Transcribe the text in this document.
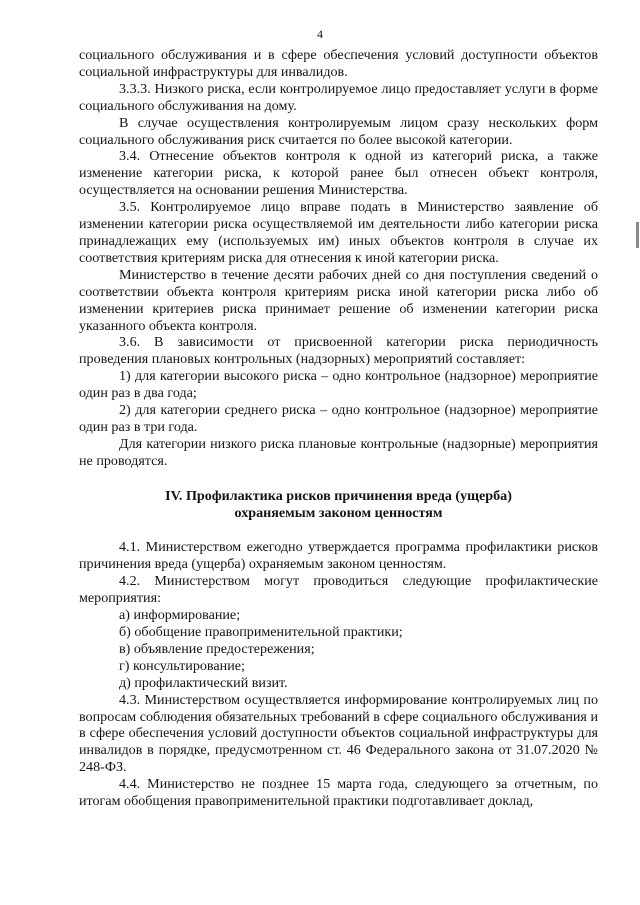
4

социального обслуживания и в сфере обеспечения условий доступности объектов социальной инфраструктуры для инвалидов.

3.3.3. Низкого риска, если контролируемое лицо предоставляет услуги в форме социального обслуживания на дому.

В случае осуществления контролируемым лицом сразу нескольких форм социального обслуживания риск считается по более высокой категории.

3.4. Отнесение объектов контроля к одной из категорий риска, а также изменение категории риска, к которой ранее был отнесен объект контроля, осуществляется на основании решения Министерства.

3.5. Контролируемое лицо вправе подать в Министерство заявление об изменении категории риска осуществляемой им деятельности либо категории риска принадлежащих ему (используемых им) иных объектов контроля в случае их соответствия критериям риска для отнесения к иной категории риска.

Министерство в течение десяти рабочих дней со дня поступления сведений о соответствии объекта контроля критериям риска иной категории риска либо об изменении критериев риска принимает решение об изменении категории риска указанного объекта контроля.

3.6. В зависимости от присвоенной категории риска периодичность проведения плановых контрольных (надзорных) мероприятий составляет:

1) для категории высокого риска – одно контрольное (надзорное) мероприятие один раз в два года;

2) для категории среднего риска – одно контрольное (надзорное) мероприятие один раз в три года.

Для категории низкого риска плановые контрольные (надзорные) мероприятия не проводятся.

IV. Профилактика рисков причинения вреда (ущерба)
охраняемым законом ценностям

4.1. Министерством ежегодно утверждается программа профилактики рисков причинения вреда (ущерба) охраняемым законом ценностям.

4.2. Министерством могут проводиться следующие профилактические мероприятия:

а) информирование;

б) обобщение правоприменительной практики;

в) объявление предостережения;

г) консультирование;

д) профилактический визит.

4.3. Министерством осуществляется информирование контролируемых лиц по вопросам соблюдения обязательных требований в сфере социального обслуживания и в сфере обеспечения условий доступности объектов социальной инфраструктуры для инвалидов в порядке, предусмотренном ст. 46 Федерального закона от 31.07.2020 № 248-ФЗ.

4.4. Министерство не позднее 15 марта года, следующего за отчетным, по итогам обобщения правоприменительной практики подготавливает доклад,
